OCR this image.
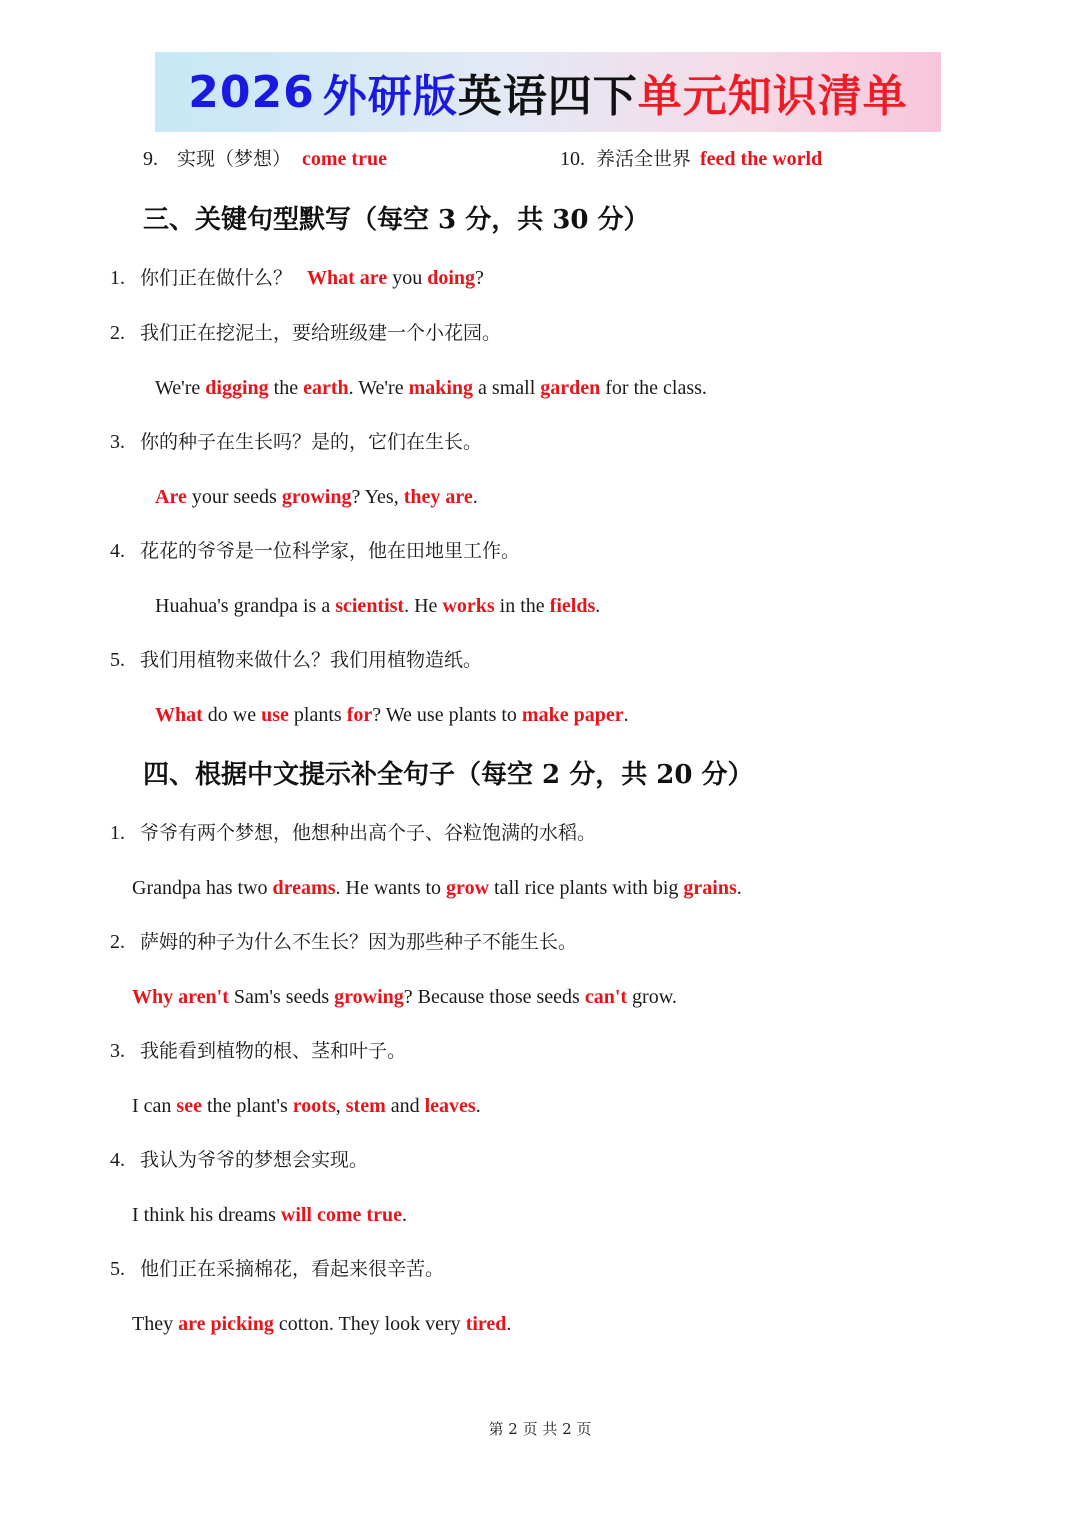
2026 外研版 英语四下 单元知识清单
9. 实现（梦想） come true	10. 养活全世界 feed the world
三、关键句型默写（每空 3 分，共 30 分）
1. 你们正在做什么？ What are you doing?
2. 我们正在挖泥土，要给班级建一个小花园。
We're digging the earth. We're making a small garden for the class.
3. 你的种子在生长吗？是的，它们在生长。
Are your seeds growing? Yes, they are.
4. 花花的爷爷是一位科学家，他在田地里工作。
Huahua's grandpa is a scientist. He works in the fields.
5. 我们用植物来做什么？我们用植物造纸。
What do we use plants for? We use plants to make paper.
四、根据中文提示补全句子（每空 2 分，共 20 分）
1. 爷爷有两个梦想，他想种出高个子、谷粒饱满的水稻。
Grandpa has two dreams. He wants to grow tall rice plants with big grains.
2. 萨姆的种子为什么不生长？因为那些种子不能生长。
Why aren't Sam's seeds growing? Because those seeds can't grow.
3. 我能看到植物的根、茎和叶子。
I can see the plant's roots, stem and leaves.
4. 我认为爷爷的梦想会实现。
I think his dreams will come true.
5. 他们正在采摘棉花，看起来很辛苦。
They are picking cotton. They look very tired.
第 2 页 共 2 页
